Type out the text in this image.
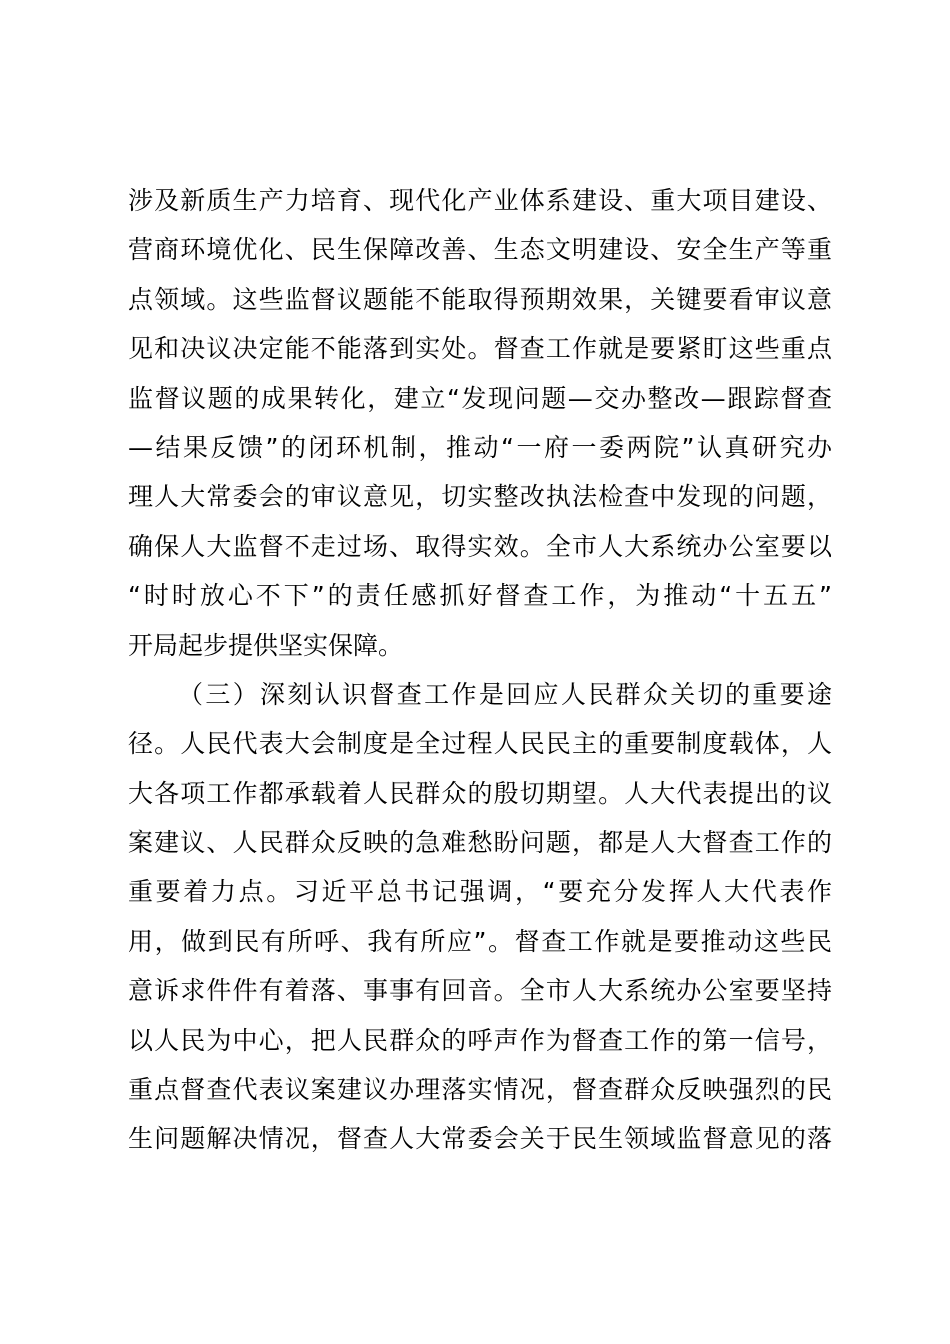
涉及新质生产力培育、现代化产业体系建设、重大项目建设、
营商环境优化、民生保障改善、生态文明建设、安全生产等重
点领域。这些监督议题能不能取得预期效果，关键要看审议意
见和决议决定能不能落到实处。督查工作就是要紧盯这些重点
监督议题的成果转化，建立“发现问题—交办整改—跟踪督查
—结果反馈”的闭环机制，推动“一府一委两院”认真研究办
理人大常委会的审议意见，切实整改执法检查中发现的问题，
确保人大监督不走过场、取得实效。全市人大系统办公室要以
“时时放心不下”的责任感抓好督查工作，为推动“十五五”
开局起步提供坚实保障。
（三）深刻认识督查工作是回应人民群众关切的重要途
径。人民代表大会制度是全过程人民民主的重要制度载体，人
大各项工作都承载着人民群众的殷切期望。人大代表提出的议
案建议、人民群众反映的急难愁盼问题，都是人大督查工作的
重要着力点。习近平总书记强调，“要充分发挥人大代表作
用，做到民有所呼、我有所应”。督查工作就是要推动这些民
意诉求件件有着落、事事有回音。全市人大系统办公室要坚持
以人民为中心，把人民群众的呼声作为督查工作的第一信号，
重点督查代表议案建议办理落实情况，督查群众反映强烈的民
生问题解决情况，督查人大常委会关于民生领域监督意见的落
